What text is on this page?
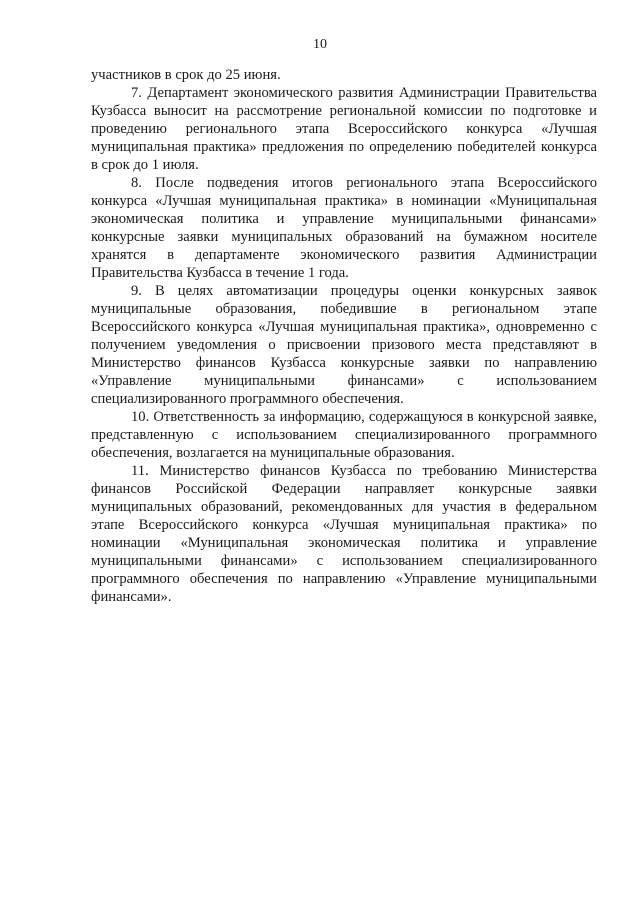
10

участников в срок до 25 июня.

7. Департамент экономического развития Администрации Правительства Кузбасса выносит на рассмотрение региональной комиссии по подготовке и проведению регионального этапа Всероссийского конкурса «Лучшая муниципальная практика» предложения по определению победителей конкурса в срок до 1 июля.

8. После подведения итогов регионального этапа Всероссийского конкурса «Лучшая муниципальная практика» в номинации «Муниципальная экономическая политика и управление муниципальными финансами» конкурсные заявки муниципальных образований на бумажном носителе хранятся в департаменте экономического развития Администрации Правительства Кузбасса в течение 1 года.

9. В целях автоматизации процедуры оценки конкурсных заявок муниципальные образования, победившие в региональном этапе Всероссийского конкурса «Лучшая муниципальная практика», одновременно с получением уведомления о присвоении призового места представляют в Министерство финансов Кузбасса конкурсные заявки по направлению «Управление муниципальными финансами» с использованием специализированного программного обеспечения.

10. Ответственность за информацию, содержащуюся в конкурсной заявке, представленную с использованием специализированного программного обеспечения, возлагается на муниципальные образования.

11. Министерство финансов Кузбасса по требованию Министерства финансов Российской Федерации направляет конкурсные заявки муниципальных образований, рекомендованных для участия в федеральном этапе Всероссийского конкурса «Лучшая муниципальная практика» по номинации «Муниципальная экономическая политика и управление муниципальными финансами» с использованием специализированного программного обеспечения по направлению «Управление муниципальными финансами».
